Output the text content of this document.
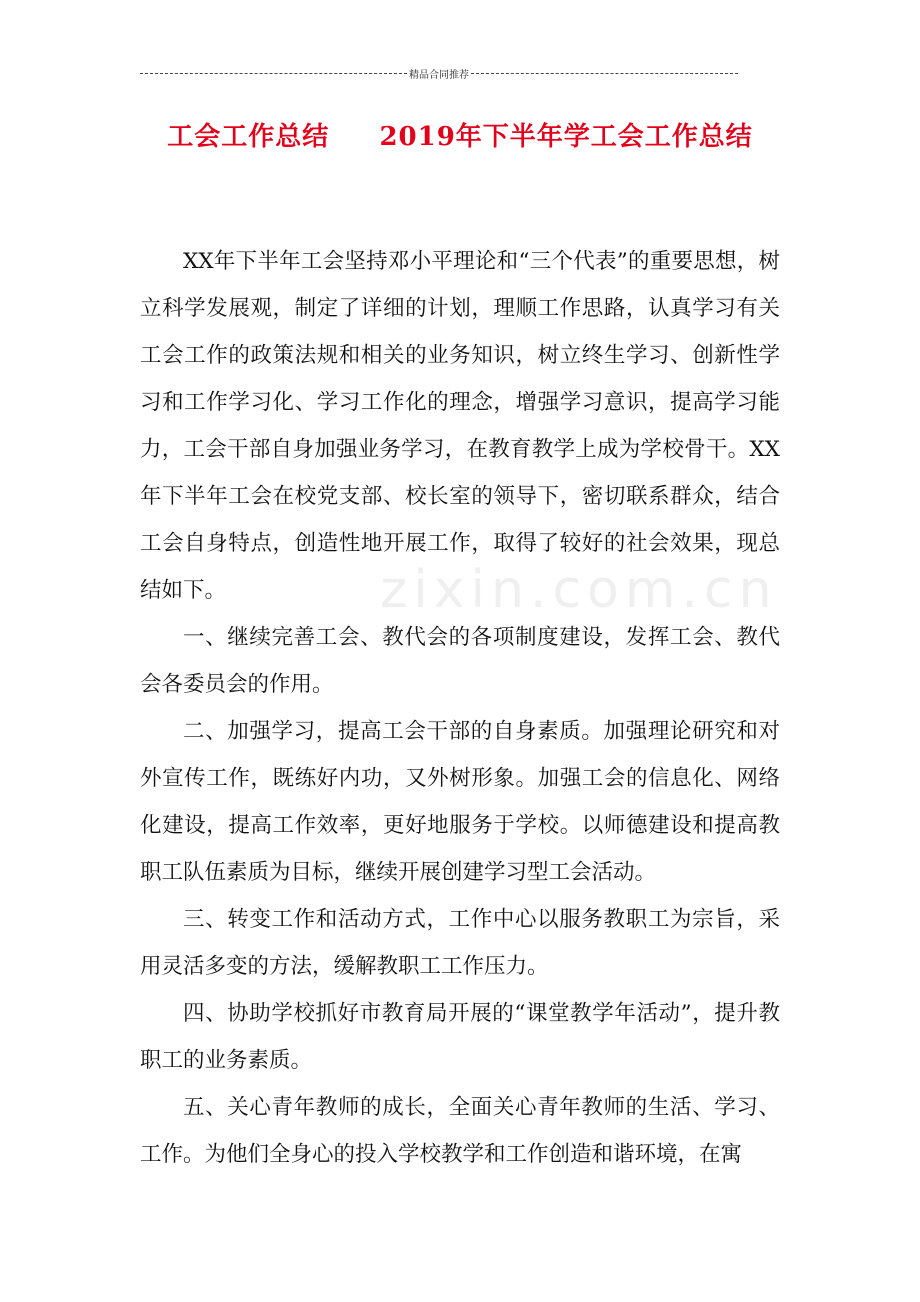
精品合同推荐
工会工作总结     2019年下半年学工会工作总结
zixin.com.cn

XX年下半年工会坚持邓小平理论和“三个代表”的重要思想，树立科学发展观，制定了详细的计划，理顺工作思路，认真学习有关工会工作的政策法规和相关的业务知识，树立终生学习、创新性学习和工作学习化、学习工作化的理念，增强学习意识，提高学习能力，工会干部自身加强业务学习，在教育教学上成为学校骨干。XX年下半年工会在校党支部、校长室的领导下，密切联系群众，结合工会自身特点，创造性地开展工作，取得了较好的社会效果，现总结如下。

一、继续完善工会、教代会的各项制度建设，发挥工会、教代会各委员会的作用。

二、加强学习，提高工会干部的自身素质。加强理论研究和对外宣传工作，既练好内功，又外树形象。加强工会的信息化、网络化建设，提高工作效率，更好地服务于学校。以师德建设和提高教职工队伍素质为目标，继续开展创建学习型工会活动。

三、转变工作和活动方式，工作中心以服务教职工为宗旨，采用灵活多变的方法，缓解教职工工作压力。

四、协助学校抓好市教育局开展的“课堂教学年活动”，提升教职工的业务素质。

五、关心青年教师的成长，全面关心青年教师的生活、学习、工作。为他们全身心的投入学校教学和工作创造和谐环境，在寓
